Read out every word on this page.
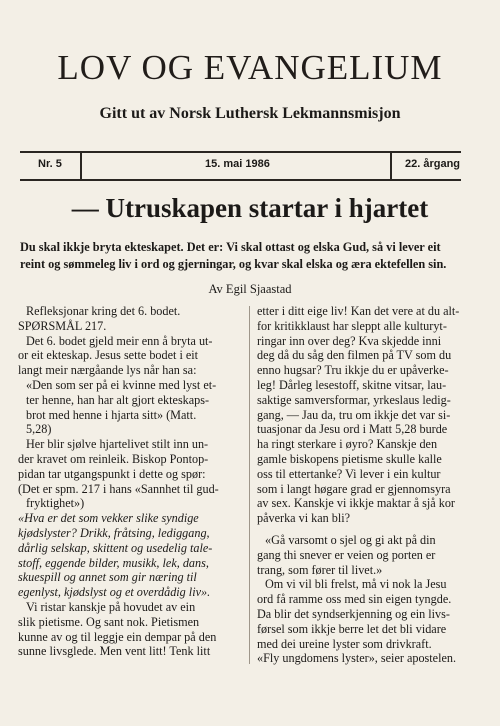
LOV OG EVANGELIUM
Gitt ut av Norsk Luthersk Lekmannsmisjon
Nr. 5	15. mai 1986	22. årgang
— Utruskapen startar i hjartet
Du skal ikkje bryta ekteskapet. Det er: Vi skal ottast og elska Gud, så vi lever eit
reint og sømmeleg liv i ord og gjerningar, og kvar skal elska og æra ektefellen sin.
Av Egil Sjaastad

Refleksjonar kring det 6. bodet.

SPØRSMÅL 217.

Det 6. bodet gjeld meir enn å bryta ut-

or eit ekteskap. Jesus sette bodet i eit

langt meir nærgåande lys når han sa:

«Den som ser på ei kvinne med lyst et-

ter henne, han har alt gjort ekteskaps-

brot med henne i hjarta sitt» (Matt.

5,28)

Her blir sjølve hjartelivet stilt inn un-

der kravet om reinleik. Biskop Pontop-

pidan tar utgangspunkt i dette og spør:

(Det er spm. 217 i hans «Sannhet til gud-

fryktighet»)

«Hva er det som vekker slike syndige

kjødslyster? Drikk, fråtsing, lediggang,

dårlig selskap, skittent og usedelig tale-

stoff, eggende bilder, musikk, lek, dans,

skuespill og annet som gir næring til

egenlyst, kjødslyst og et overdådig liv».

Vi ristar kanskje på hovudet av ein

slik pietisme. Og sant nok. Pietismen

kunne av og til leggje ein dempar på den

sunne livsglede. Men vent litt! Tenk litt

etter i ditt eige liv! Kan det vere at du alt-

for kritikklaust har sleppt alle kulturyt-

ringar inn over deg? Kva skjedde inni

deg då du såg den filmen på TV som du

enno hugsar? Tru ikkje du er upåverke-

leg! Dårleg lesestoff, skitne vitsar, lau-

saktige samversformar, yrkeslaus ledig-

gang, — Jau da, tru om ikkje det var si-

tuasjonar da Jesu ord i Matt 5,28 burde

ha ringt sterkare i øyro? Kanskje den

gamle biskopens pietisme skulle kalle

oss til ettertanke? Vi lever i ein kultur

som i langt høgare grad er gjennomsyra

av sex. Kanskje vi ikkje maktar å sjå kor

påverka vi kan bli?

«Gå varsomt o sjel og gi akt på din

gang thi snever er veien og porten er

trang, som fører til livet.»

Om vi vil bli frelst, må vi nok la Jesu

ord få ramme oss med sin eigen tyngde.

Da blir det syndserkjenning og ein livs-

førsel som ikkje berre let det bli vidare

med dei ureine lyster som drivkraft.

«Fly ungdomens lyster», seier apostelen.
